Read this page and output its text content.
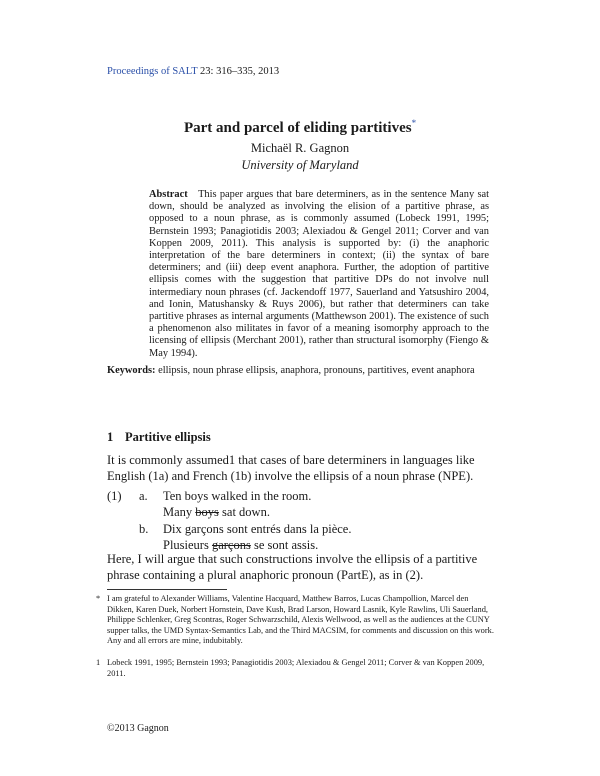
Proceedings of SALT 23: 316–335, 2013
Part and parcel of eliding partitives*
Michaël R. Gagnon
University of Maryland
Abstract  This paper argues that bare determiners, as in the sentence Many sat down, should be analyzed as involving the elision of a partitive phrase, as opposed to a noun phrase, as is commonly assumed (Lobeck 1991, 1995; Bernstein 1993; Panagiotidis 2003; Alexiadou & Gengel 2011; Corver and van Koppen 2009, 2011). This analysis is supported by: (i) the anaphoric interpretation of the bare determiners in context; (ii) the syntax of bare determiners; and (iii) deep event anaphora. Further, the adoption of partitive ellipsis comes with the suggestion that partitive DPs do not involve null intermediary noun phrases (cf. Jackendoff 1977, Sauerland and Yatsushiro 2004, and Ionin, Matushansky & Ruys 2006), but rather that determiners can take partitive phrases as internal arguments (Matthewson 2001). The existence of such a phenomenon also militates in favor of a meaning isomorphy approach to the licensing of ellipsis (Merchant 2001), rather than structural isomorphy (Fiengo & May 1994).
Keywords: ellipsis, noun phrase ellipsis, anaphora, pronouns, partitives, event anaphora
1 Partitive ellipsis
It is commonly assumed1 that cases of bare determiners in languages like English (1a) and French (1b) involve the ellipsis of a noun phrase (NPE).
(1) a. Ten boys walked in the room.
Many boys sat down.
b. Dix garçons sont entrés dans la pièce.
Plusieurs garçons se sont assis.
Here, I will argue that such constructions involve the ellipsis of a partitive phrase containing a plural anaphoric pronoun (PartE), as in (2).
* I am grateful to Alexander Williams, Valentine Hacquard, Matthew Barros, Lucas Champollion, Marcel den Dikken, Karen Duek, Norbert Hornstein, Dave Kush, Brad Larson, Howard Lasnik, Kyle Rawlins, Uli Sauerland, Philippe Schlenker, Greg Scontras, Roger Schwarzschild, Alexis Wellwood, as well as the audiences at the CUNY supper talks, the UMD Syntax-Semantics Lab, and the Third MACSIM, for comments and discussion on this work. Any and all errors are mine, indubitably.
1 Lobeck 1991, 1995; Bernstein 1993; Panagiotidis 2003; Alexiadou & Gengel 2011; Corver & van Koppen 2009, 2011.
©2013 Gagnon
